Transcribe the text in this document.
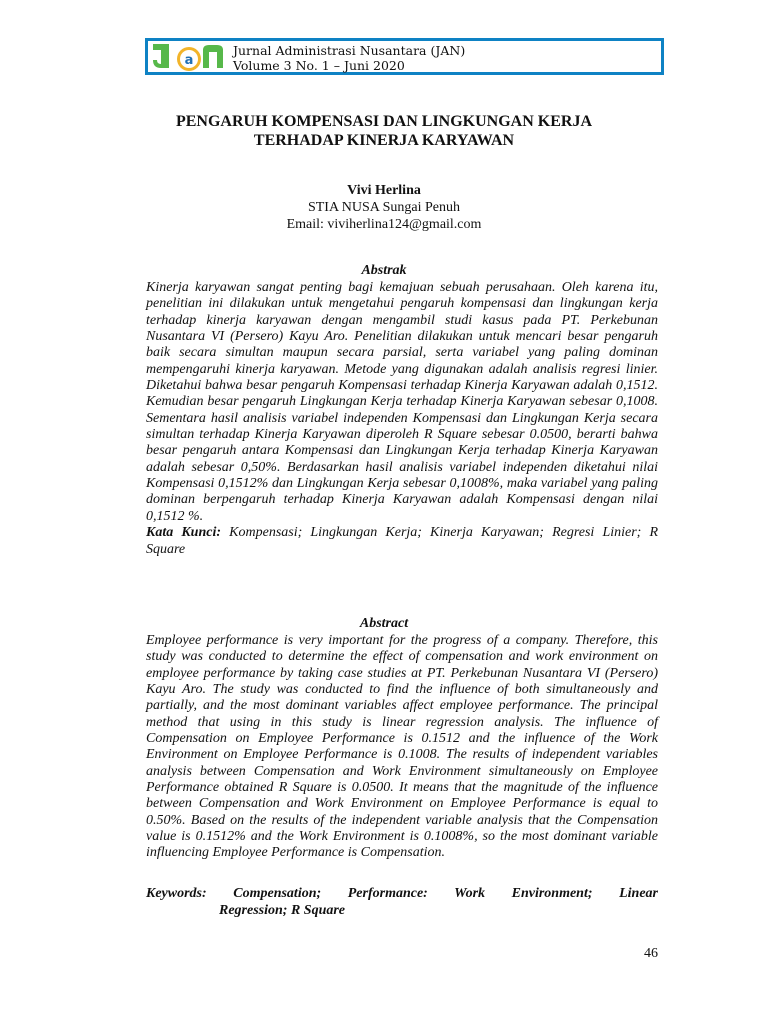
a
Jurnal Administrasi Nusantara (JAN)
Volume 3 No. 1 – Juni 2020
PENGARUH KOMPENSASI DAN LINGKUNGAN KERJA
TERHADAP KINERJA KARYAWAN
Vivi Herlina
STIA NUSA Sungai Penuh
Email: viviherlina124@gmail.com
Abstrak

Kinerja karyawan sangat penting bagi kemajuan sebuah perusahaan. Oleh karena itu, penelitian ini dilakukan untuk mengetahui pengaruh kompensasi dan lingkungan kerja terhadap kinerja karyawan dengan mengambil studi kasus pada PT. Perkebunan Nusantara VI (Persero) Kayu Aro. Penelitian dilakukan untuk mencari besar pengaruh baik secara simultan maupun secara parsial, serta variabel yang paling dominan mempengaruhi kinerja karyawan. Metode yang digunakan adalah analisis regresi linier. Diketahui bahwa besar pengaruh Kompensasi terhadap Kinerja Karyawan adalah 0,1512. Kemudian besar pengaruh Lingkungan Kerja terhadap Kinerja Karyawan sebesar 0,1008. Sementara hasil analisis variabel independen Kompensasi dan Lingkungan Kerja secara simultan terhadap Kinerja Karyawan diperoleh R Square sebesar 0.0500, berarti bahwa besar pengaruh antara Kompensasi dan Lingkungan Kerja terhadap Kinerja Karyawan adalah sebesar 0,50%. Berdasarkan hasil analisis variabel independen diketahui nilai Kompensasi 0,1512% dan Lingkungan Kerja sebesar 0,1008%, maka variabel yang paling dominan berpengaruh terhadap Kinerja Karyawan adalah Kompensasi dengan nilai 0,1512 %.
Kata Kunci: Kompensasi; Lingkungan Kerja; Kinerja Karyawan; Regresi Linier; R Square

Abstract

Employee performance is very important for the progress of a company. Therefore, this study was conducted to determine the effect of compensation and work environment on employee performance by taking case studies at PT. Perkebunan Nusantara VI (Persero) Kayu Aro. The study was conducted to find the influence of both simultaneously and partially, and the most dominant variables affect employee performance. The principal method that using in this study is linear regression analysis. The influence of Compensation on Employee Performance is 0.1512 and the influence of the Work Environment on Employee Performance is 0.1008. The results of independent variables analysis between Compensation and Work Environment simultaneously on Employee Performance obtained R Square is 0.0500. It means that the magnitude of the influence between Compensation and Work Environment on Employee Performance is equal to 0.50%. Based on the results of the independent variable analysis that the Compensation value is 0.1512% and the Work Environment is 0.1008%, so the most dominant variable influencing Employee Performance is Compensation.

Keywords: Compensation; Performance: Work Environment; Linear
Regression; R Square
46
